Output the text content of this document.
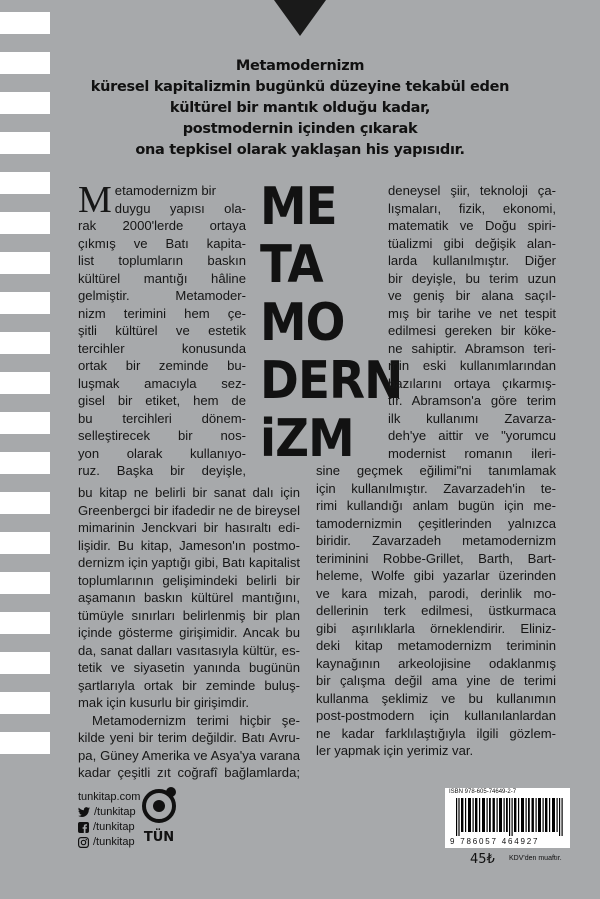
Metamodernizm
küresel kapitalizmin bugünkü düzeyine tekabül eden
kültürel bir mantık olduğu kadar,
postmodernin içinden çıkarak
ona tepkisel olarak yaklaşan his yapısıdır.
ME
TA
MO
DERN
iZM
Metamodernizm bir
duygu yapısı ola-
rak 2000'lerde ortaya
çıkmış ve Batı kapita-
list toplumların baskın
kültürel mantığı hâline
gelmiştir. Metamoder-
nizm terimini hem çe-
şitli kültürel ve estetik
tercihler konusunda
ortak bir zeminde bu-
luşmak amacıyla sez-
gisel bir etiket, hem de
bu tercihleri dönem-
selleştirecek bir nos-
yon olarak kullanıyo-
ruz. Başka bir deyişle,
bu kitap ne belirli bir sanat dalı için
Greenbergci bir ifadedir ne de bireysel
mimarinin Jenckvari bir hasıraltı edi-
lişidir. Bu kitap, Jameson'ın postmo-
dernizm için yaptığı gibi, Batı kapitalist
toplumlarının gelişimindeki belirli bir
aşamanın baskın kültürel mantığını,
tümüyle sınırları belirlenmiş bir plan
içinde gösterme girişimidir. Ancak bu
da, sanat dalları vasıtasıyla kültür, es-
tetik ve siyasetin yanında bugünün
şartlarıyla ortak bir zeminde buluş-
mak için kusurlu bir girişimdir.
Metamodernizm terimi hiçbir şe-
kilde yeni bir terim değildir. Batı Avru-
pa, Güney Amerika ve Asya'ya varana
kadar çeşitli zıt coğrafî bağlamlarda;
deneysel şiir, teknoloji ça-
lışmaları, fizik, ekonomi,
matematik ve Doğu spiri-
tüalizmi gibi değişik alan-
larda kullanılmıştır. Diğer
bir deyişle, bu terim uzun
ve geniş bir alana saçıl-
mış bir tarihe ve net tespit
edilmesi gereken bir köke-
ne sahiptir. Abramson teri-
min eski kullanımlarından
bazılarını ortaya çıkarmış-
tır. Abramson'a göre terim
ilk kullanımı Zavarza-
deh'ye aittir ve "yorumcu
modernist romanın ileri-
sine geçmek eğilimi"ni tanımlamak
için kullanılmıştır. Zavarzadeh'in te-
rimi kullandığı anlam bugün için me-
tamodernizmin çeşitlerinden yalnızca
biridir. Zavarzadeh metamodernizm
teriminini Robbe-Grillet, Barth, Bart-
heleme, Wolfe gibi yazarlar üzerinden
ve kara mizah, parodi, derinlik mo-
dellerinin terk edilmesi, üstkurmaca
gibi aşırılıklarla örneklendirir. Eliniz-
deki kitap metamodernizm teriminin
kaynağının arkeolojisine odaklanmış
bir çalışma değil ama yine de terimi
kullanma şeklimiz ve bu kullanımın
post-postmodern için kullanılanlardan
ne kadar farklılaştığıyla ilgili gözlem-
ler yapmak için yerimiz var.
tunkitap.com
/tunkitap
/tunkitap
/tunkitap TÜN
ISBN 978-605-74649-2-7
9 786057 464927
45₺ KDV'den muaftır.
